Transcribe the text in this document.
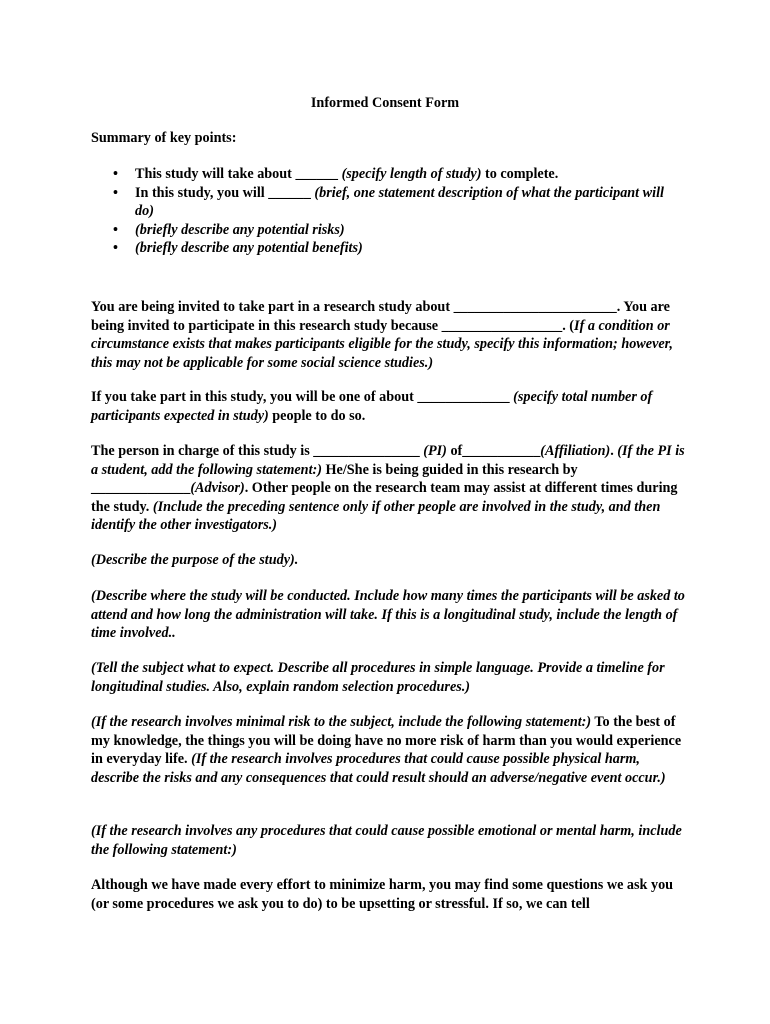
Informed Consent Form
Summary of key points:
• This study will take about ______ (specify length of study) to complete.
• In this study, you will ______ (brief, one statement description of what the participant will do)
• (briefly describe any potential risks)
• (briefly describe any potential benefits)

You are being invited to take part in a research study about _______________________. You are being invited to participate in this research study because _________________. (If a condition or circumstance exists that makes participants eligible for the study, specify this information; however, this may not be applicable for some social science studies.)

If you take part in this study, you will be one of about _____________ (specify total number of participants expected in study) people to do so.

The person in charge of this study is _______________ (PI) of___________(Affiliation). (If the PI is a student, add the following statement:) He/She is being guided in this research by ______________(Advisor). Other people on the research team may assist at different times during the study. (Include the preceding sentence only if other people are involved in the study, and then identify the other investigators.)

(Describe the purpose of the study).

(Describe where the study will be conducted. Include how many times the participants will be asked to attend and how long the administration will take. If this is a longitudinal study, include the length of time involved..

(Tell the subject what to expect. Describe all procedures in simple language. Provide a timeline for longitudinal studies. Also, explain random selection procedures.)

(If the research involves minimal risk to the subject, include the following statement:) To the best of my knowledge, the things you will be doing have no more risk of harm than you would experience in everyday life. (If the research involves procedures that could cause possible physical harm, describe the risks and any consequences that could result should an adverse/negative event occur.)

(If the research involves any procedures that could cause possible emotional or mental harm, include the following statement:)

Although we have made every effort to minimize harm, you may find some questions we ask you (or some procedures we ask you to do) to be upsetting or stressful. If so, we can tell
